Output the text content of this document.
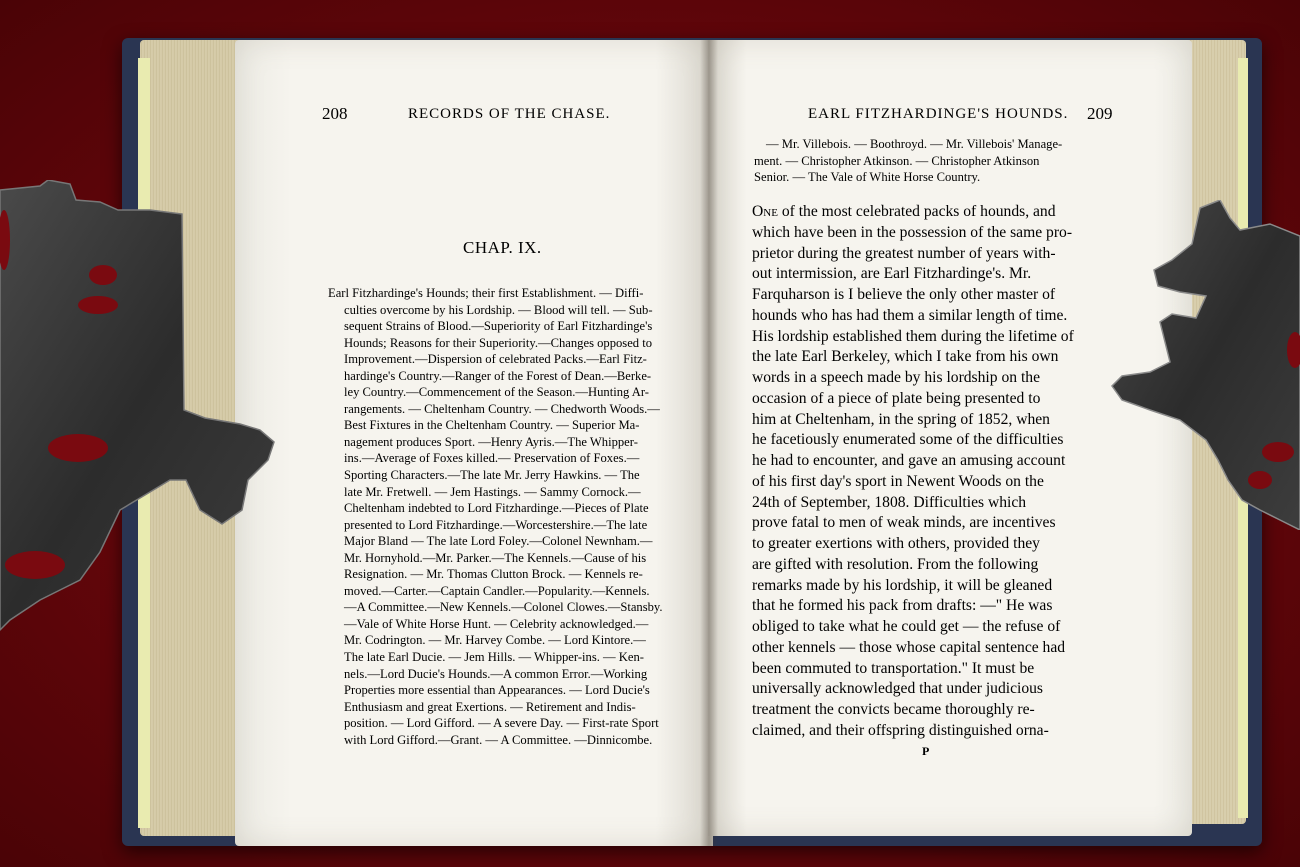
208	RECORDS OF THE CHASE.
CHAP. IX.
Earl Fitzhardinge's Hounds; their first Establishment. — Diffi-
culties overcome by his Lordship. — Blood will tell. — Sub-
sequent Strains of Blood.—Superiority of Earl Fitzhardinge's
Hounds; Reasons for their Superiority.—Changes opposed to
Improvement.—Dispersion of celebrated Packs.—Earl Fitz-
hardinge's Country.—Ranger of the Forest of Dean.—Berke-
ley Country.—Commencement of the Season.—Hunting Ar-
rangements. — Cheltenham Country. — Chedworth Woods.—
Best Fixtures in the Cheltenham Country. — Superior Ma-
nagement produces Sport. —Henry Ayris.—The Whipper-
ins.—Average of Foxes killed.— Preservation of Foxes.—
Sporting Characters.—The late Mr. Jerry Hawkins. — The
late Mr. Fretwell. — Jem Hastings. — Sammy Cornock.—
Cheltenham indebted to Lord Fitzhardinge.—Pieces of Plate
presented to Lord Fitzhardinge.—Worcestershire.—The late
Major Bland — The late Lord Foley.—Colonel Newnham.—
Mr. Hornyhold.—Mr. Parker.—The Kennels.—Cause of his
Resignation. — Mr. Thomas Clutton Brock. — Kennels re-
moved.—Carter.—Captain Candler.—Popularity.—Kennels.
—A Committee.—New Kennels.—Colonel Clowes.—Stansby.
—Vale of White Horse Hunt. — Celebrity acknowledged.—
Mr. Codrington. — Mr. Harvey Combe. — Lord Kintore.—
The late Earl Ducie. — Jem Hills. — Whipper-ins. — Ken-
nels.—Lord Ducie's Hounds.—A common Error.—Working
Properties more essential than Appearances. — Lord Ducie's
Enthusiasm and great Exertions. — Retirement and Indis-
position. — Lord Gifford. — A severe Day. — First-rate Sport
with Lord Gifford.—Grant. — A Committee. —Dinnicombe.
EARL FITZHARDINGE'S HOUNDS. 209
— Mr. Villebois. — Boothroyd. — Mr. Villebois' Manage-
ment. — Christopher Atkinson. — Christopher Atkinson
Senior. — The Vale of White Horse Country.
One of the most celebrated packs of hounds, and
which have been in the possession of the same pro-
prietor during the greatest number of years with-
out intermission, are Earl Fitzhardinge's. Mr.
Farquharson is I believe the only other master of
hounds who has had them a similar length of time.
His lordship established them during the lifetime of
the late Earl Berkeley, which I take from his own
words in a speech made by his lordship on the
occasion of a piece of plate being presented to
him at Cheltenham, in the spring of 1852, when
he facetiously enumerated some of the difficulties
he had to encounter, and gave an amusing account
of his first day's sport in Newent Woods on the
24th of September, 1808. Difficulties which
prove fatal to men of weak minds, are incentives
to greater exertions with others, provided they
are gifted with resolution. From the following
remarks made by his lordship, it will be gleaned
that he formed his pack from drafts: —" He was
obliged to take what he could get — the refuse of
other kennels — those whose capital sentence had
been commuted to transportation." It must be
universally acknowledged that under judicious
treatment the convicts became thoroughly re-
claimed, and their offspring distinguished orna-
P
